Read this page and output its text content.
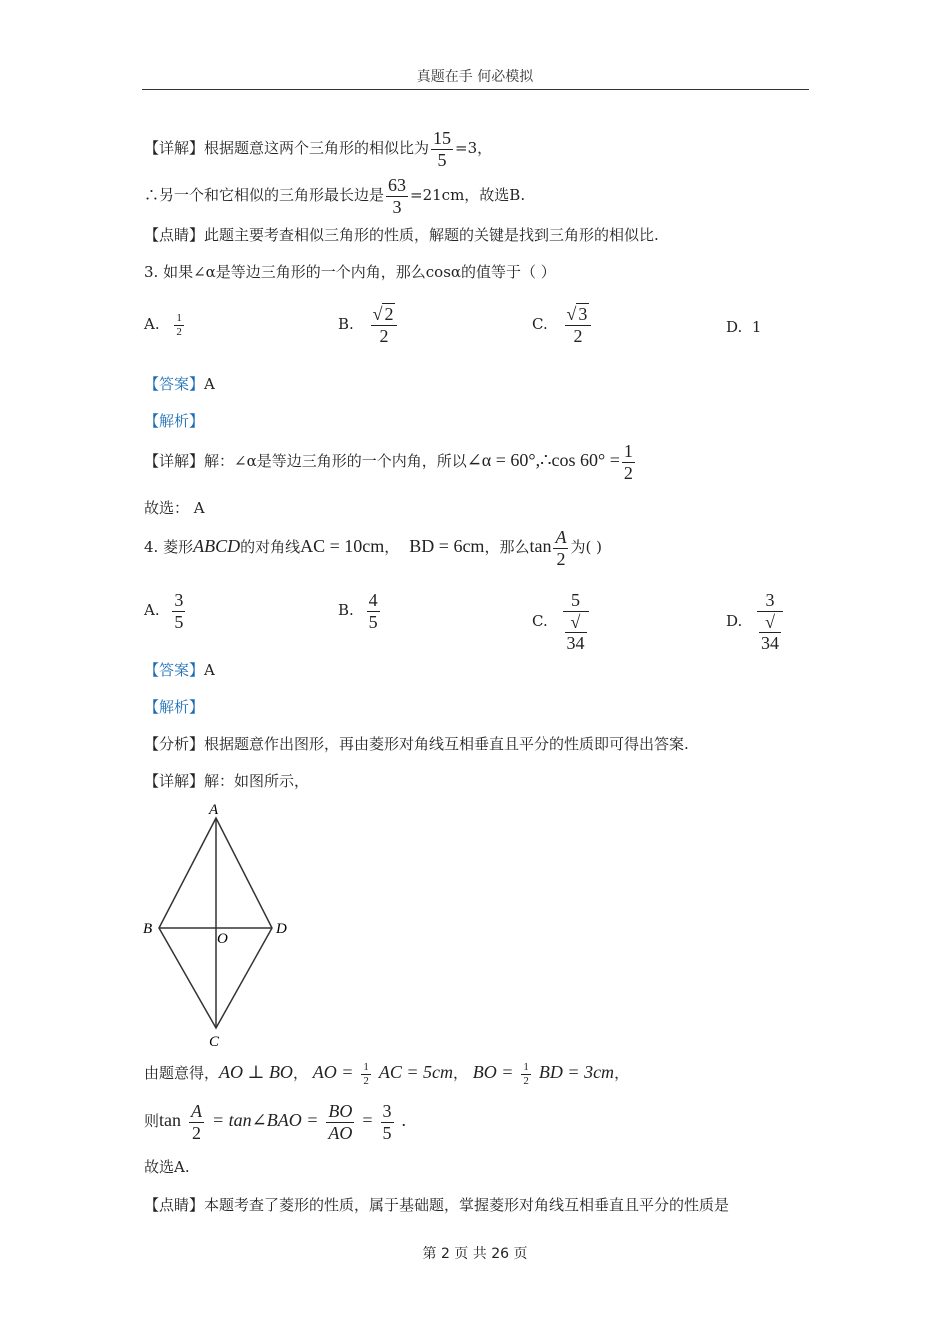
真题在手 何必模拟
【详解】根据题意这两个三角形的相似比为 $\frac{15}{5} =3$，
∴另一个和它相似的三角形最长边是 $\frac{63}{3} =21cm$，故选B.
【点睛】此题主要考查相似三角形的性质，解题的关键是找到三角形的相似比.
3. 如果∠α是等边三角形的一个内角，那么cosα的值等于（ ）
A. $\frac{1}{2}$	B. $\frac{√ 2}{2}$	C. $\frac{√ 3}{2}$	D. 1
【答案】A
【解析】
【详解】解：∠α是等边三角形的一个内角，所以∠α = 60°,∴cos $60^\circ = \frac{1}{2}$
故选： A
4. 菱形ABCD的对角线AC = 10cm， BD = 6cm，那么$\tan \frac{A}{2}$ 为( )
A. $\frac{3}{5}$	B. $\frac{4}{5}$	C. 5
√
34	D. 3
√
34
【答案】A
【解析】
【分析】根据题意作出图形，再由菱形对角线互相垂直且平分的性质即可得出答案.
【详解】解：如图所示，
A
B
C
D
O
由题意得，AO ⊥ BO， AO = $\frac{1}{2}$ AC = 5cm， BO = $\frac{1}{2}$ BD = 3cm，
则$\tan \frac{A}{2}$ = tan∠BAO = $\frac{BO}{AO} = \frac{3}{5}$ .
故选A.
【点睛】本题考查了菱形的性质，属于基础题，掌握菱形对角线互相垂直且平分的性质是
第 2 页 共 26 页
